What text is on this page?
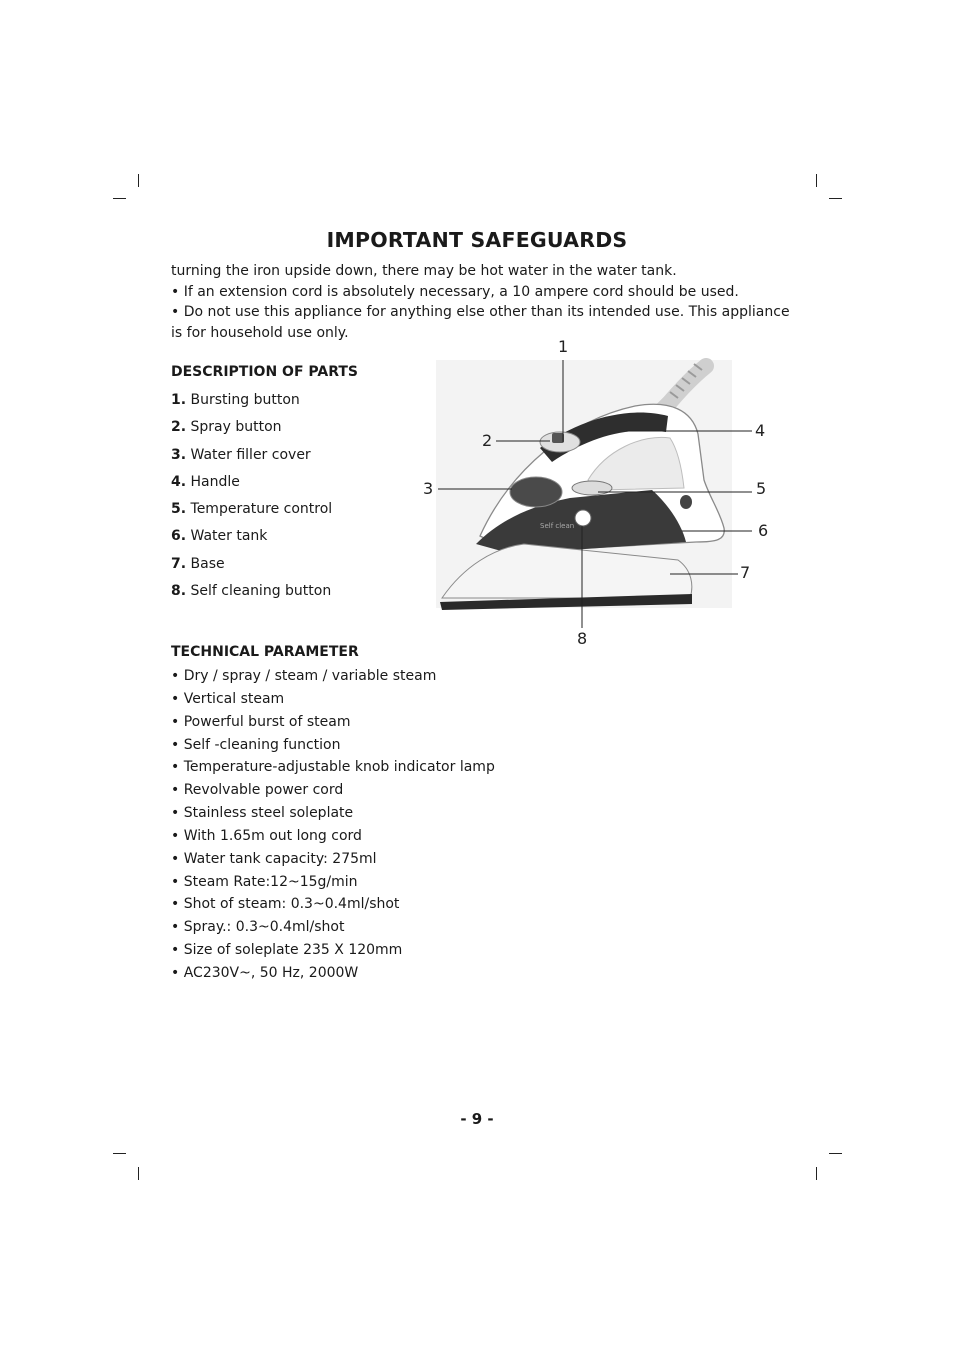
IMPORTANT SAFEGUARDS

turning the iron upside down, there may be hot water in the water tank.

• If an extension cord is absolutely necessary, a 10 ampere cord should be used.

• Do not use this appliance for anything else other than its intended use. This appliance is for household use only.

DESCRIPTION OF PARTS
1. Bursting button
2. Spray button
3. Water filler cover
4. Handle
5. Temperature control
6. Water tank
7. Base
8. Self cleaning button
Self clean
1
2
3
4
5
6
7
8
TECHNICAL PARAMETER
• Dry / spray / steam / variable steam
• Vertical steam
• Powerful burst of steam
• Self -cleaning function
• Temperature-adjustable knob indicator lamp
• Revolvable power cord
• Stainless steel soleplate
• With 1.65m out long cord
• Water tank capacity: 275ml
• Steam Rate:12~15g/min
• Shot of steam: 0.3~0.4ml/shot
• Spray.: 0.3~0.4ml/shot
• Size of soleplate 235 X 120mm
• AC230V~, 50 Hz, 2000W
- 9 -
